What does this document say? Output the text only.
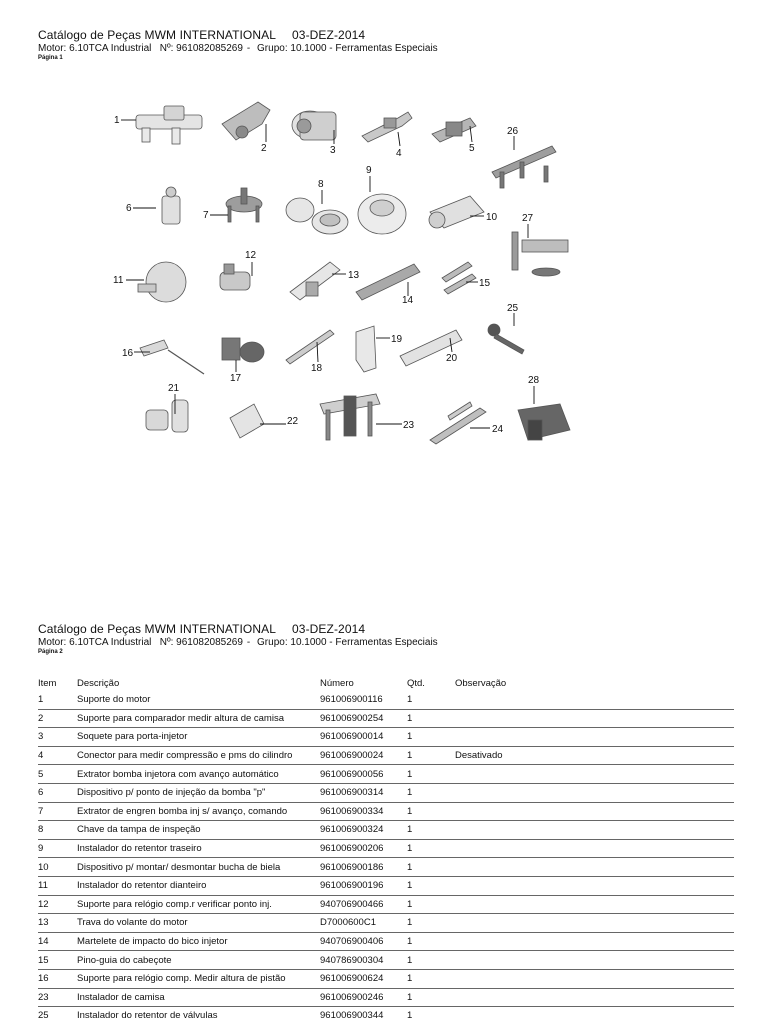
Catálogo de Peças MWM INTERNATIONAL 03-DEZ-2014
Motor: 6.10TCA Industrial Nº: 961082085269 - Grupo: 10.1000 - Ferramentas Especiais
Página 1
1
2	3	4	5
26
6
7
8
9
10 27
11
12
13
14
15
16
17
18
19
20
25
21
22	23	24
28
Catálogo de Peças MWM INTERNATIONAL 03-DEZ-2014
Motor: 6.10TCA Industrial Nº: 961082085269 - Grupo: 10.1000 - Ferramentas Especiais
Página 2
Item	Descrição	Número	Qtd.	Observação
1	Suporte do motor	961006900116	1	
2	Suporte para comparador medir altura de camisa	961006900254	1	
3	Soquete para porta-injetor	961006900014	1	
4	Conector para medir compressão e pms do cilindro	961006900024	1	Desativado
5	Extrator bomba injetora com avanço automático	961006900056	1	
6	Dispositivo p/ ponto de injeção da bomba "p"	961006900314	1	
7	Extrator de engren bomba inj s/ avanço, comando	961006900334	1	
8	Chave da tampa de inspeção	961006900324	1	
9	Instalador do retentor traseiro	961006900206	1	
10	Dispositivo p/ montar/ desmontar bucha de biela	961006900186	1	
11	Instalador do retentor dianteiro	961006900196	1	
12	Suporte para relógio comp.r verificar ponto inj.	940706900466	1	
13	Trava do volante do motor	D7000600C1	1	
14	Martelete de impacto do bico injetor	940706900406	1	
15	Pino-guia do cabeçote	940786900304	1	
16	Suporte para relógio comp. Medir altura de pistão	961006900624	1	
23	Instalador de camisa	961006900246	1	
25	Instalador do retentor de válvulas	961006900344	1	
